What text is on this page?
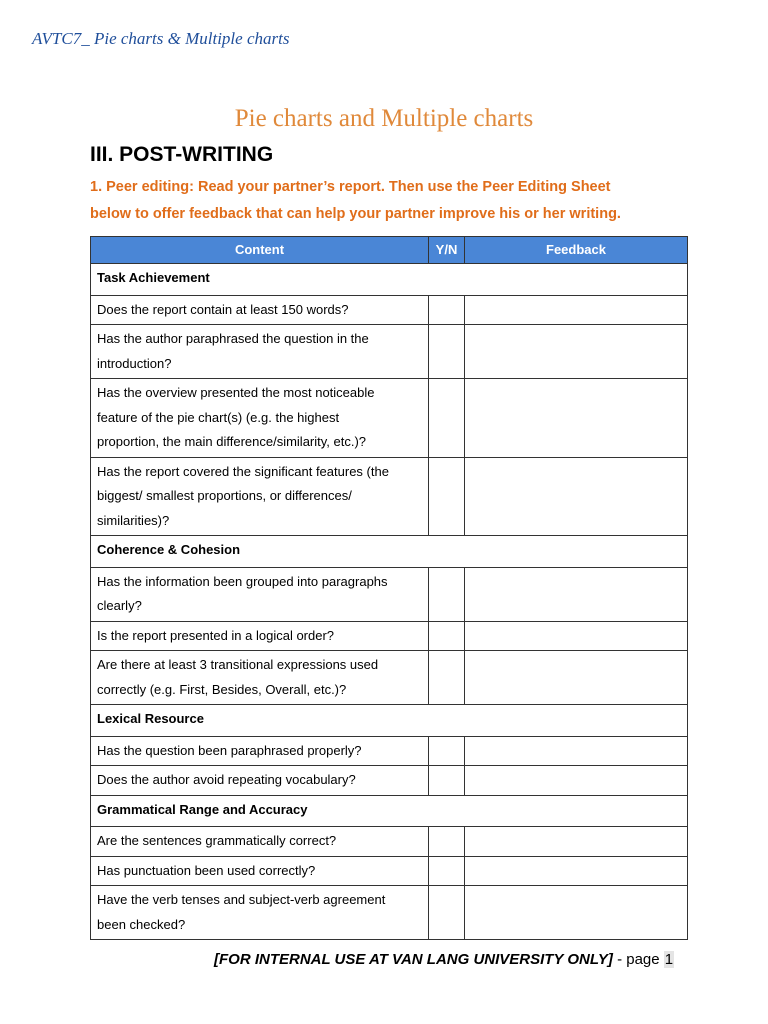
AVTC7_ Pie charts & Multiple charts
Pie charts and Multiple charts
III. POST-WRITING
1. Peer editing: Read your partner’s report. Then use the Peer Editing Sheet
below to offer feedback that can help your partner improve his or her writing.
Content	Y/N	Feedback
Task Achievement		
Does the report contain at least 150 words?		
Has the author paraphrased the question in the
introduction?		
Has the overview presented the most noticeable
feature of the pie chart(s) (e.g. the highest
proportion, the main difference/similarity, etc.)?		
Has the report covered the significant features (the
biggest/ smallest proportions, or differences/
similarities)?		
Coherence & Cohesion		
Has the information been grouped into paragraphs
clearly?		
Is the report presented in a logical order?		
Are there at least 3 transitional expressions used
correctly (e.g. First, Besides, Overall, etc.)?		
Lexical Resource		
Has the question been paraphrased properly?		
Does the author avoid repeating vocabulary?		
Grammatical Range and Accuracy		
Are the sentences grammatically correct?		
Has punctuation been used correctly?		
Have the verb tenses and subject-verb agreement
been checked?		
[FOR INTERNAL USE AT VAN LANG UNIVERSITY ONLY] - page 1
